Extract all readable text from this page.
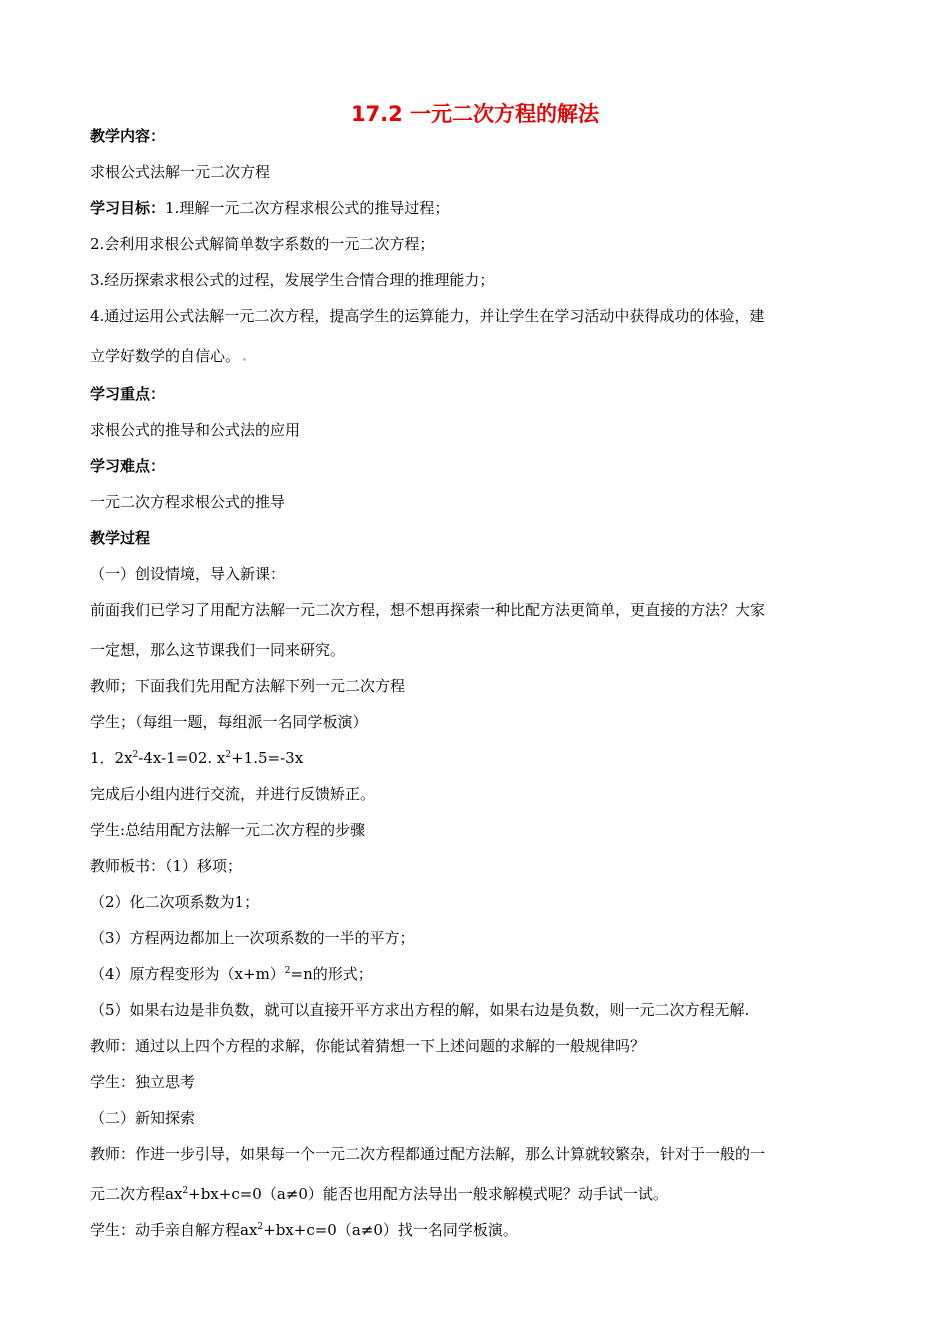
17.2 一元二次方程的解法
教学内容：
求根公式法解一元二次方程
学习目标：1.理解一元二次方程求根公式的推导过程；
2.会利用求根公式解简单数字系数的一元二次方程；
3.经历探索求根公式的过程，发展学生合情合理的推理能力；
4.通过运用公式法解一元二次方程，提高学生的运算能力，并让学生在学习活动中获得成功的体验，建
立学好数学的自信心。
学习重点：
求根公式的推导和公式法的应用
学习难点：
一元二次方程求根公式的推导
教学过程
（一）创设情境，导入新课：
前面我们已学习了用配方法解一元二次方程，想不想再探索一种比配方法更简单，更直接的方法？大家
一定想，那么这节课我们一同来研究。
教师；下面我们先用配方法解下列一元二次方程
学生；（每组一题，每组派一名同学板演）
1．$2x^2-4x-1=02$. $x^2+1.5=-3x$
完成后小组内进行交流，并进行反馈矫正。
学生:总结用配方法解一元二次方程的步骤
教师板书：（1）移项；
（2）化二次项系数为1；
（3）方程两边都加上一次项系数的一半的平方；
（4）原方程变形为$(x+m)^2=n$的形式；
（5）如果右边是非负数，就可以直接开平方求出方程的解，如果右边是负数，则一元二次方程无解.
教师：通过以上四个方程的求解，你能试着猜想一下上述问题的求解的一般规律吗？
学生：独立思考
（二）新知探索
教师：作进一步引导，如果每一个一元二次方程都通过配方法解，那么计算就较繁杂，针对于一般的一
元二次方程$ax^2+bx+c=0(a\ne 0)$能否也用配方法导出一般求解模式呢？动手试一试。
学生：动手亲自解方程$ax^2+bx+c=0(a\ne 0)$找一名同学板演。
